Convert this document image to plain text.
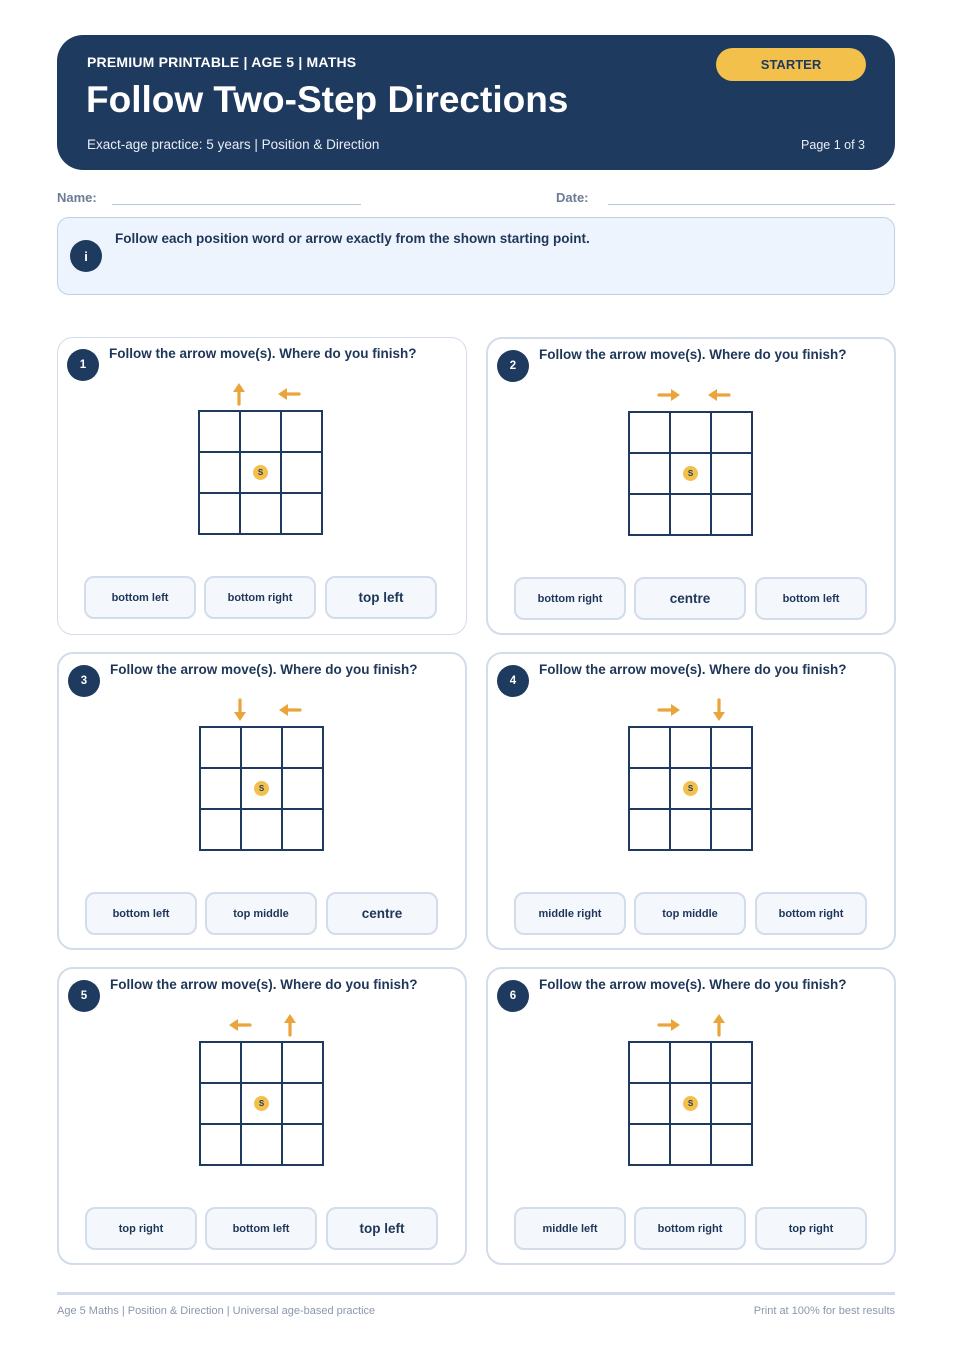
PREMIUM PRINTABLE | AGE 5 | MATHS
Follow Two-Step Directions
Exact-age practice: 5 years | Position & Direction	Page 1 of 3
STARTER
Name:	Date:
i
Follow each position word or arrow exactly from the shown starting point.
1
Follow the arrow move(s). Where do you finish?
S
bottom left	bottom right	top left
2
Follow the arrow move(s). Where do you finish?
S
bottom right	centre	bottom left
3
Follow the arrow move(s). Where do you finish?
S
bottom left	top middle	centre
4
Follow the arrow move(s). Where do you finish?
S
middle right	top middle	bottom right
5
Follow the arrow move(s). Where do you finish?
S
top right	bottom left	top left
6
Follow the arrow move(s). Where do you finish?
S
middle left	bottom right	top right
Age 5 Maths | Position & Direction | Universal age-based practice	Print at 100% for best results
